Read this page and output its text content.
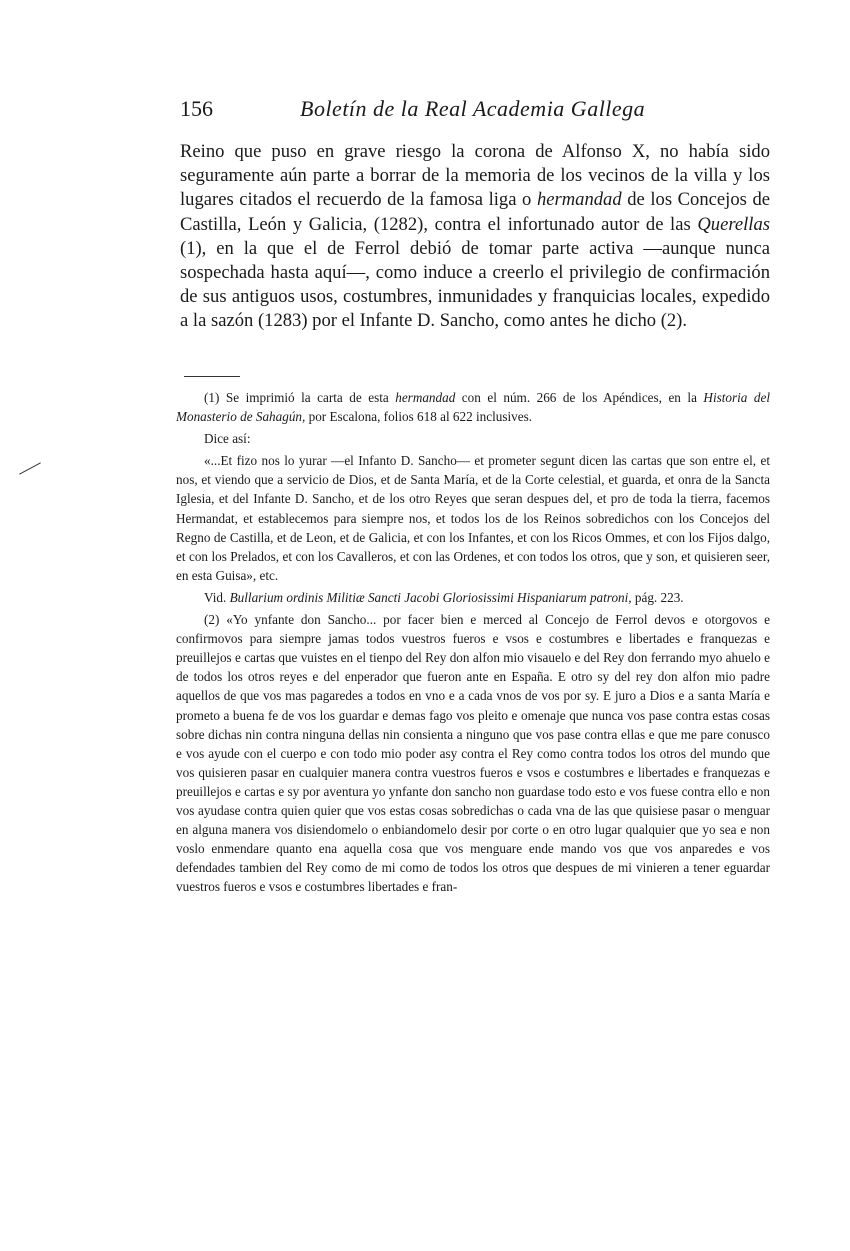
156	Boletín de la Real Academia Gallega

Reino que puso en grave riesgo la corona de Alfonso X, no había sido seguramente aún parte a borrar de la memoria de los vecinos de la villa y los lugares citados el recuerdo de la famosa liga o hermandad de los Concejos de Castilla, León y Galicia, (1282), contra el infortunado autor de las Querellas (1), en la que el de Ferrol debió de tomar parte activa —aunque nunca sospechada hasta aquí—, como induce a creerlo el privilegio de confirmación de sus antiguos usos, costumbres, inmunidades y franquicias locales, expedido a la sazón (1283) por el Infante D. Sancho, como antes he dicho (2).

(1) Se imprimió la carta de esta hermandad con el núm. 266 de los Apéndices, en la Historia del Monasterio de Sahagún, por Escalona, folios 618 al 622 inclusives.

Dice así:

«...Et fizo nos lo yurar —el Infanto D. Sancho— et prometer segunt dicen las cartas que son entre el, et nos, et viendo que a servicio de Dios, et de Santa María, et de la Corte celestial, et guarda, et onra de la Sancta Iglesia, et del Infante D. Sancho, et de los otro Reyes que seran despues del, et pro de toda la tierra, facemos Hermandat, et establecemos para siempre nos, et todos los de los Reinos sobredichos con los Concejos del Regno de Castilla, et de Leon, et de Galicia, et con los Infantes, et con los Ricos Ommes, et con los Fijos dalgo, et con los Prelados, et con los Cavalleros, et con las Ordenes, et con todos los otros, que y son, et quisieren seer, en esta Guisa», etc.

Vid. Bullarium ordinis Militiæ Sancti Jacobi Gloriosissimi Hispaniarum patroni, pág. 223.

(2) «Yo ynfante don Sancho... por facer bien e merced al Concejo de Ferrol devos e otorgovos e confirmovos para siempre jamas todos vuestros fueros e vsos e costumbres e libertades e franquezas e preuillejos e cartas que vuistes en el tienpo del Rey don alfon mio visauelo e del Rey don ferrando myo ahuelo e de todos los otros reyes e del enperador que fueron ante en España. E otro sy del rey don alfon mio padre aquellos de que vos mas pagaredes a todos en vno e a cada vnos de vos por sy. E juro a Dios e a santa María e prometo a buena fe de vos los guardar e demas fago vos pleito e omenaje que nunca vos pase contra estas cosas sobre dichas nin contra ninguna dellas nin consienta a ninguno que vos pase contra ellas e que me pare conusco e vos ayude con el cuerpo e con todo mio poder asy contra el Rey como contra todos los otros del mundo que vos quisieren pasar en cualquier manera contra vuestros fueros e vsos e costumbres e libertades e franquezas e preuillejos e cartas e sy por aventura yo ynfante don sancho non guardase todo esto e vos fuese contra ello e non vos ayudase contra quien quier que vos estas cosas sobredichas o cada vna de las que quisiese pasar o menguar en alguna manera vos disiendomelo o enbiandomelo desir por corte o en otro lugar qualquier que yo sea e non voslo enmendare quanto ena aquella cosa que vos menguare ende mando vos que vos anparedes e vos defendades tambien del Rey como de mi como de todos los otros que despues de mi vinieren a tener eguardar vuestros fueros e vsos e costumbres libertades e fran-
